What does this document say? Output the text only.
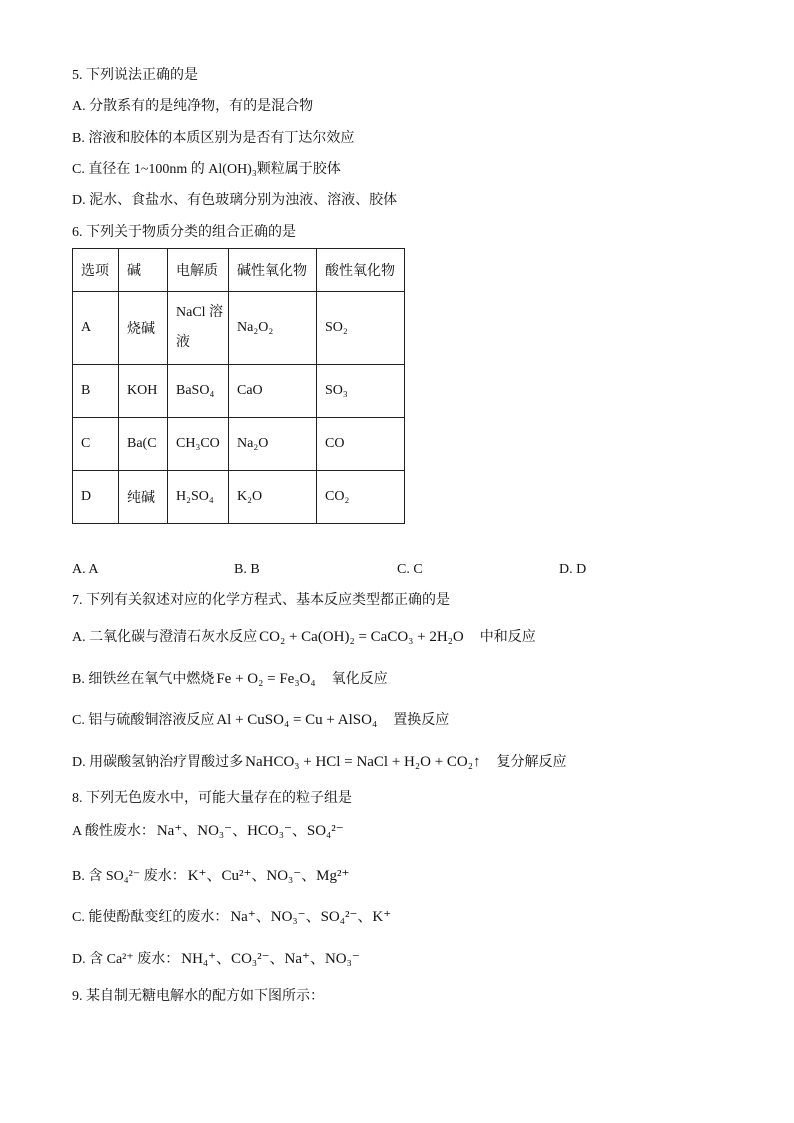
5. 下列说法正确的是
A. 分散系有的是纯净物，有的是混合物
B. 溶液和胶体的本质区别为是否有丁达尔效应
C. 直径在 1~100nm 的 Al(OH)₃颗粒属于胶体
D. 泥水、食盐水、有色玻璃分别为浊液、溶液、胶体
6. 下列关于物质分类的组合正确的是
选项	碱	电解质	碱性氧化物	酸性氧化物
A	烧碱	NaCl 溶液	Na₂O₂	SO₂
B	KOH	BaSO₄	CaO	SO₃
C	Ba(C	CH₃CO	Na₂O	CO
D	纯碱	H₂SO₄	K₂O	CO₂
A. A	B. B	C. C	D. D
7. 下列有关叙述对应的化学方程式、基本反应类型都正确的是
A. 二氧化碳与澄清石灰水反应 CO₂ + Ca(OH)₂ = CaCO₃ + 2H₂O 中和反应
B. 细铁丝在氧气中燃烧 Fe + O₂ = Fe₃O₄ 氧化反应
C. 铝与硫酸铜溶液反应 Al + CuSO₄ = Cu + AlSO₄ 置换反应
D. 用碳酸氢钠治疗胃酸过多 NaHCO₃ + HCl = NaCl + H₂O + CO₂↑ 复分解反应
8. 下列无色废水中，可能大量存在的粒子组是
A 酸性废水： Na⁺、NO₃⁻、HCO₃⁻、SO₄²⁻
B. 含 SO₄²⁻ 废水： K⁺、Cu²⁺、NO₃⁻、Mg²⁺
C. 能使酚酞变红的废水： Na⁺、NO₃⁻、SO₄²⁻、K⁺
D. 含 Ca²⁺ 废水： NH₄⁺、CO₃²⁻、Na⁺、NO₃⁻
9. 某自制无糖电解水的配方如下图所示：
